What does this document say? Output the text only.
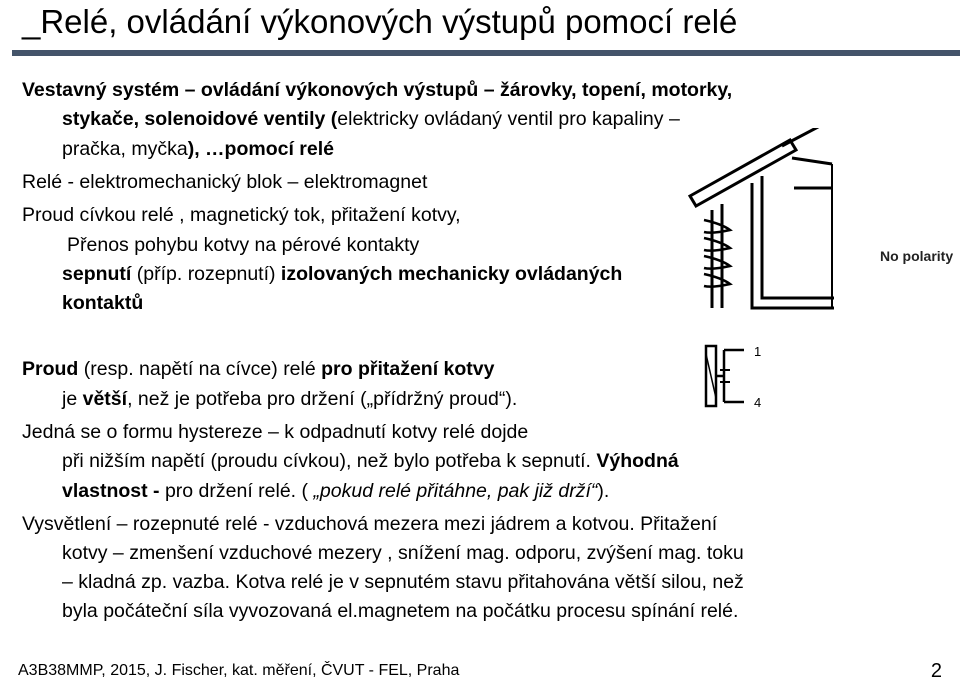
_Relé, ovládání výkonových výstupů pomocí relé
No polarity
1
4
Vestavný systém – ovládání výkonových výstupů – žárovky, topení, motorky,
stykače, solenoidové ventily (elektricky ovládaný ventil pro kapaliny –
pračka, myčka), …pomocí relé
Relé - elektromechanický blok – elektromagnet
Proud cívkou relé , magnetický tok, přitažení kotvy,
Přenos pohybu kotvy na pérové kontakty
sepnutí (příp. rozepnutí) izolovaných mechanicky ovládaných
kontaktů
Proud (resp. napětí na cívce) relé pro přitažení kotvy
je větší, než je potřeba pro držení („přídržný proud“).
Jedná se o formu hystereze – k odpadnutí kotvy relé dojde
při nižším napětí (proudu cívkou), než bylo potřeba k sepnutí. Výhodná
vlastnost - pro držení relé. ( „pokud relé přitáhne, pak již drží“).
Vysvětlení – rozepnuté relé - vzduchová mezera mezi jádrem a kotvou. Přitažení
kotvy – zmenšení vzduchové mezery , snížení mag. odporu, zvýšení mag. toku
– kladná zp. vazba. Kotva relé je v sepnutém stavu přitahována větší silou, než
byla počáteční síla vyvozovaná el.magnetem na počátku procesu spínání relé.
A3B38MMP, 2015, J. Fischer, kat. měření, ČVUT - FEL, Praha	2
